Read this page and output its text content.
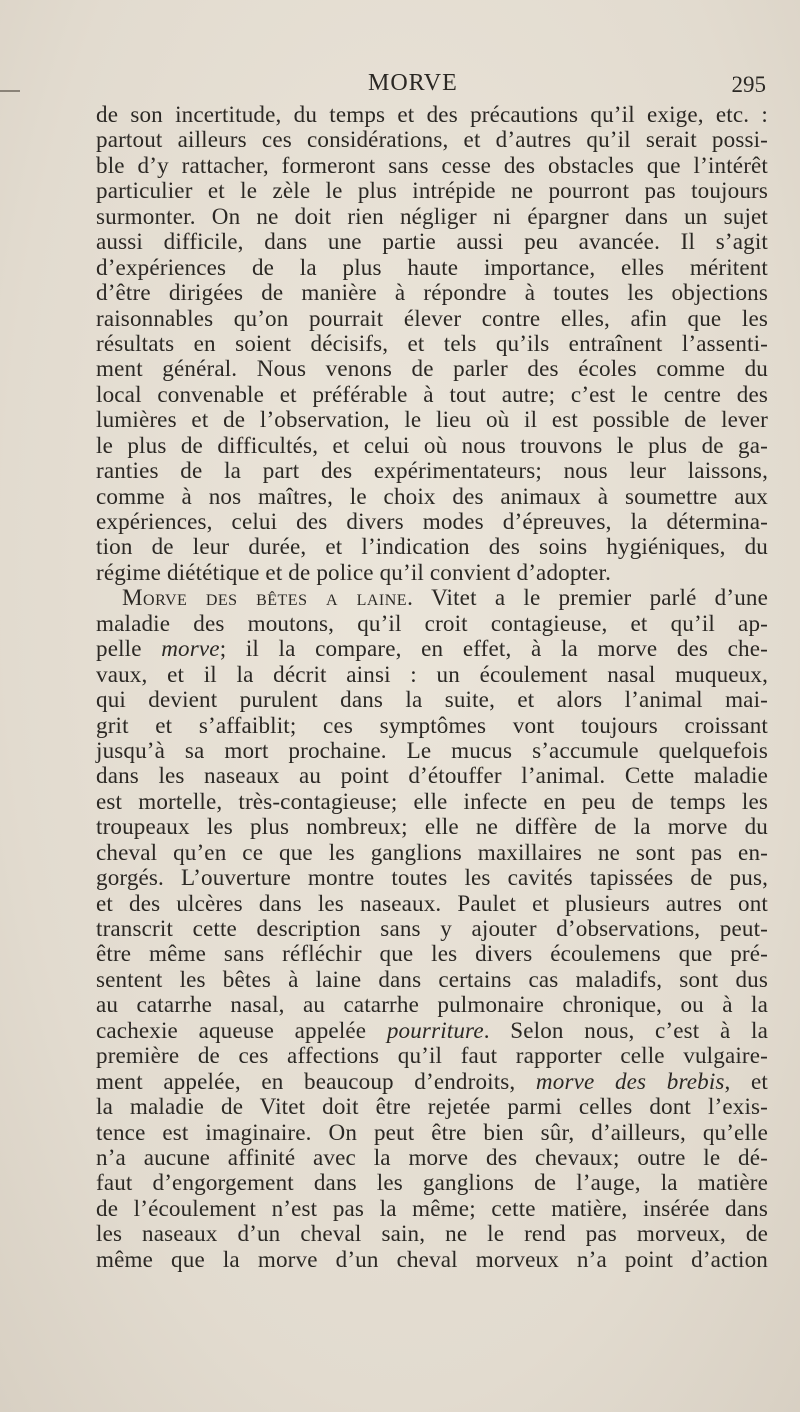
MORVE	295
de son incertitude, du temps et des précautions qu’il exige, etc. :
partout ailleurs ces considérations, et d’autres qu’il serait possi-
ble d’y rattacher, formeront sans cesse des obstacles que l’intérêt
particulier et le zèle le plus intrépide ne pourront pas toujours
surmonter. On ne doit rien négliger ni épargner dans un sujet
aussi difficile, dans une partie aussi peu avancée. Il s’agit
d’expériences de la plus haute importance, elles méritent
d’être dirigées de manière à répondre à toutes les objections
raisonnables qu’on pourrait élever contre elles, afin que les
résultats en soient décisifs, et tels qu’ils entraînent l’assenti-
ment général. Nous venons de parler des écoles comme du
local convenable et préférable à tout autre; c’est le centre des
lumières et de l’observation, le lieu où il est possible de lever
le plus de difficultés, et celui où nous trouvons le plus de ga-
ranties de la part des expérimentateurs; nous leur laissons,
comme à nos maîtres, le choix des animaux à soumettre aux
expériences, celui des divers modes d’épreuves, la détermina-
tion de leur durée, et l’indication des soins hygiéniques, du
régime diététique et de police qu’il convient d’adopter.
Morve des bêtes a laine. Vitet a le premier parlé d’une
maladie des moutons, qu’il croit contagieuse, et qu’il ap-
pelle morve; il la compare, en effet, à la morve des che-
vaux, et il la décrit ainsi : un écoulement nasal muqueux,
qui devient purulent dans la suite, et alors l’animal mai-
grit et s’affaiblit; ces symptômes vont toujours croissant
jusqu’à sa mort prochaine. Le mucus s’accumule quelquefois
dans les naseaux au point d’étouffer l’animal. Cette maladie
est mortelle, très-contagieuse; elle infecte en peu de temps les
troupeaux les plus nombreux; elle ne diffère de la morve du
cheval qu’en ce que les ganglions maxillaires ne sont pas en-
gorgés. L’ouverture montre toutes les cavités tapissées de pus,
et des ulcères dans les naseaux. Paulet et plusieurs autres ont
transcrit cette description sans y ajouter d’observations, peut-
être même sans réfléchir que les divers écoulemens que pré-
sentent les bêtes à laine dans certains cas maladifs, sont dus
au catarrhe nasal, au catarrhe pulmonaire chronique, ou à la
cachexie aqueuse appelée pourriture. Selon nous, c’est à la
première de ces affections qu’il faut rapporter celle vulgaire-
ment appelée, en beaucoup d’endroits, morve des brebis, et
la maladie de Vitet doit être rejetée parmi celles dont l’exis-
tence est imaginaire. On peut être bien sûr, d’ailleurs, qu’elle
n’a aucune affinité avec la morve des chevaux; outre le dé-
faut d’engorgement dans les ganglions de l’auge, la matière
de l’écoulement n’est pas la même; cette matière, insérée dans
les naseaux d’un cheval sain, ne le rend pas morveux, de
même que la morve d’un cheval morveux n’a point d’action
